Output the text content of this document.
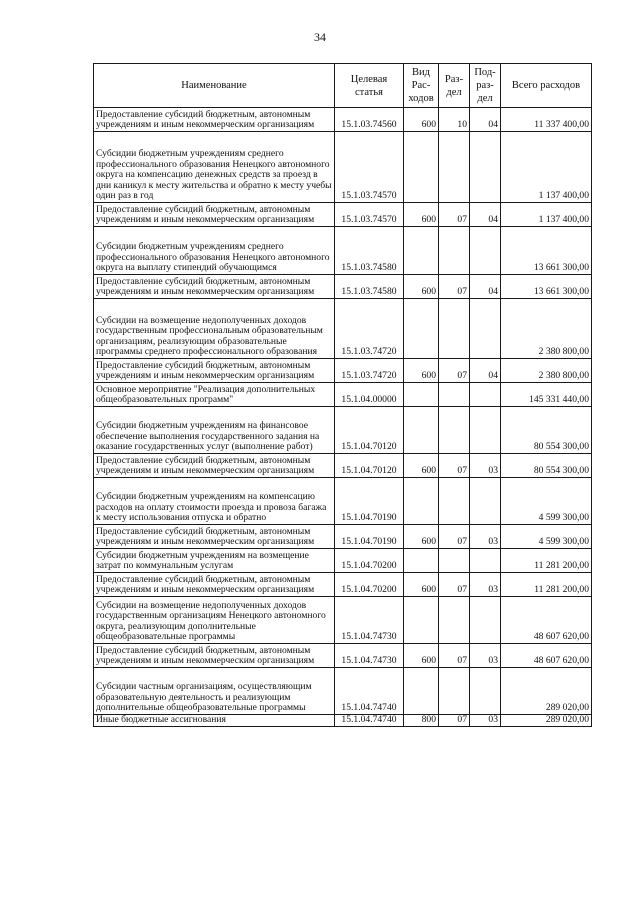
34
Наименование	Целевая статья	Вид Рас-ходов	Раз-дел	Под-раз-дел	Всего расходов
Предоставление субсидий бюджетным, автономным учреждениям и иным некоммерческим организациям	15.1.03.74560	600	10	04	11 337 400,00
Субсидии бюджетным учреждениям среднего профессионального образования Ненецкого автономного округа на компенсацию денежных средств за проезд в дни каникул к месту жительства и обратно к месту учебы один раз в год	15.1.03.74570				1 137 400,00
Предоставление субсидий бюджетным, автономным учреждениям и иным некоммерческим организациям	15.1.03.74570	600	07	04	1 137 400,00
Субсидии бюджетным учреждениям среднего профессионального образования Ненецкого автономного округа на выплату стипендий обучающимся	15.1.03.74580				13 661 300,00
Предоставление субсидий бюджетным, автономным учреждениям и иным некоммерческим организациям	15.1.03.74580	600	07	04	13 661 300,00
Субсидии на возмещение недополученных доходов государственным профессиональным образовательным организациям, реализующим образовательные программы среднего профессионального образования	15.1.03.74720				2 380 800,00
Предоставление субсидий бюджетным, автономным учреждениям и иным некоммерческим организациям	15.1.03.74720	600	07	04	2 380 800,00
Основное мероприятие "Реализация дополнительных общеобразовательных программ"	15.1.04.00000				145 331 440,00
Субсидии бюджетным учреждениям на финансовое обеспечение выполнения государственного задания на оказание государственных услуг (выполнение работ)	15.1.04.70120				80 554 300,00
Предоставление субсидий бюджетным, автономным учреждениям и иным некоммерческим организациям	15.1.04.70120	600	07	03	80 554 300,00
Субсидии бюджетным учреждениям на компенсацию расходов на оплату стоимости проезда и провоза багажа к месту использования отпуска и обратно	15.1.04.70190				4 599 300,00
Предоставление субсидий бюджетным, автономным учреждениям и иным некоммерческим организациям	15.1.04.70190	600	07	03	4 599 300,00
Субсидии бюджетным учреждениям на возмещение затрат по коммунальным услугам	15.1.04.70200				11 281 200,00
Предоставление субсидий бюджетным, автономным учреждениям и иным некоммерческим организациям	15.1.04.70200	600	07	03	11 281 200,00
Субсидии на возмещение недополученных доходов государственным организациям Ненецкого автономного округа, реализующим дополнительные общеобразовательные программы	15.1.04.74730				48 607 620,00
Предоставление субсидий бюджетным, автономным учреждениям и иным некоммерческим организациям	15.1.04.74730	600	07	03	48 607 620,00
Субсидии частным организациям, осуществляющим образовательную деятельность и реализующим дополнительные общеобразовательные программы	15.1.04.74740				289 020,00
Иные бюджетные ассигнования	15.1.04.74740	800	07	03	289 020,00
